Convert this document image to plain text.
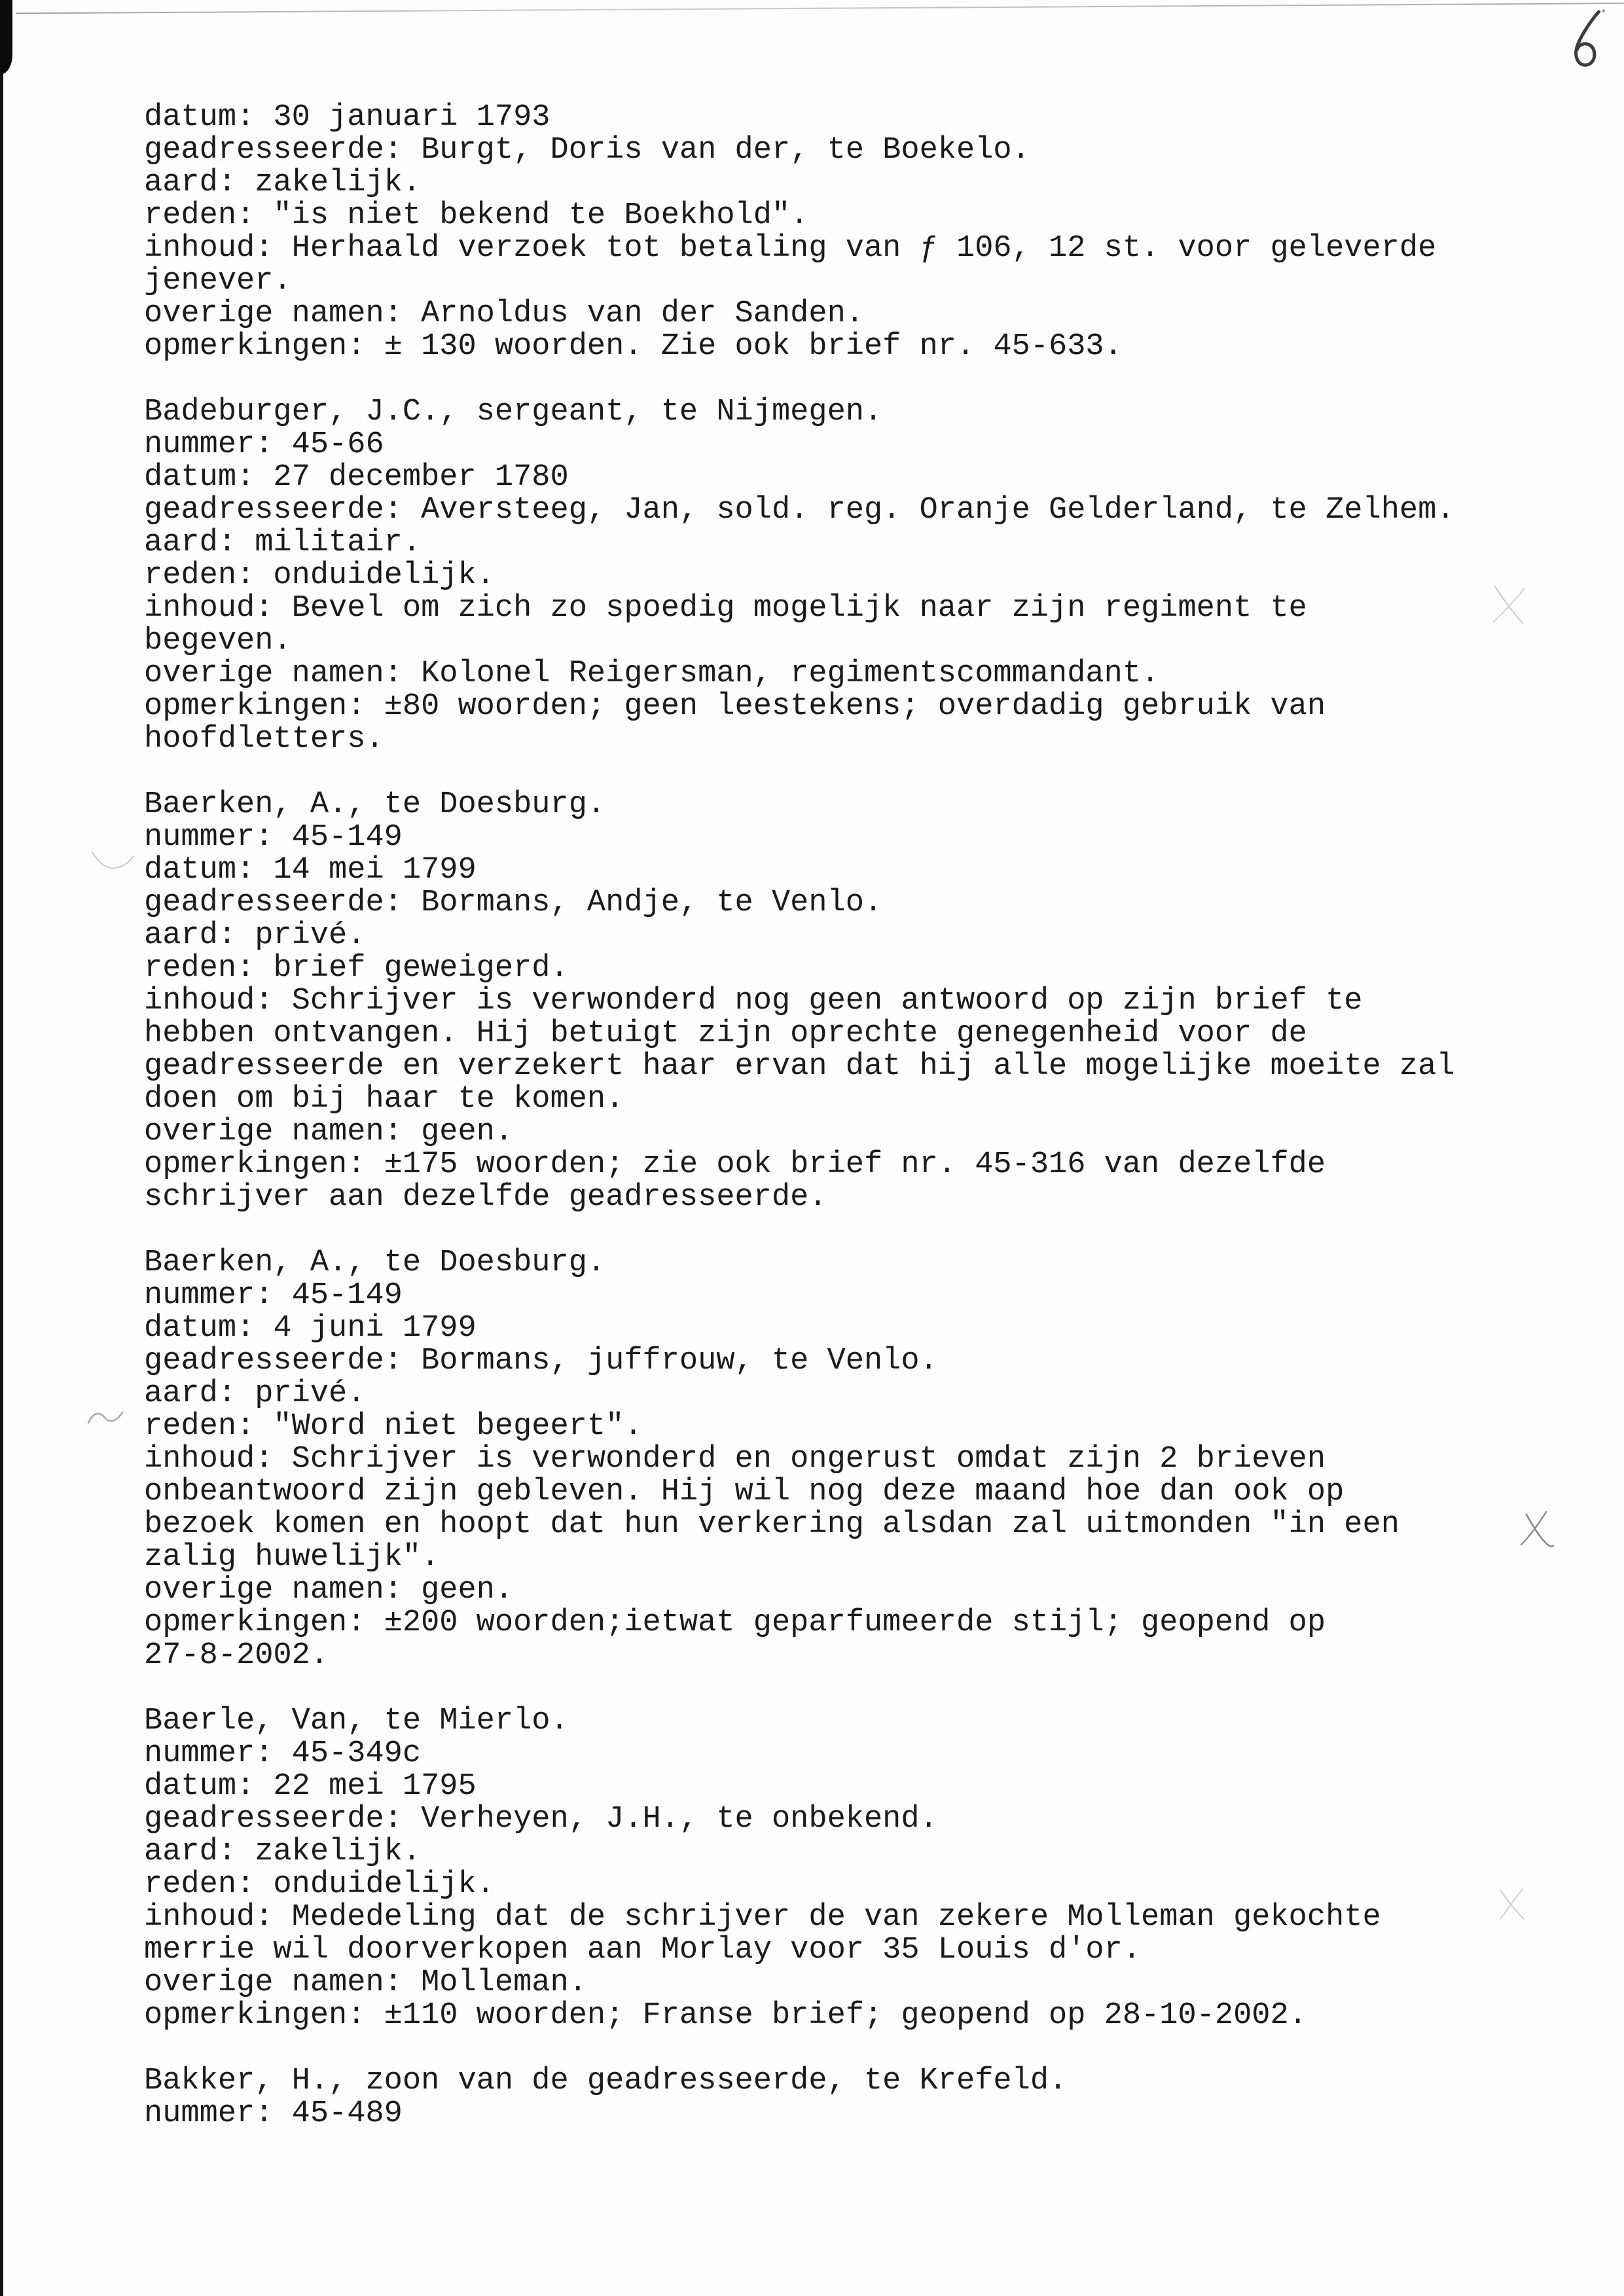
datum: 30 januari 1793
geadresseerde: Burgt, Doris van der, te Boekelo.
aard: zakelijk.
reden: "is niet bekend te Boekhold".
inhoud: Herhaald verzoek tot betaling van ƒ 106, 12 st. voor geleverde
jenever.
overige namen: Arnoldus van der Sanden.
opmerkingen: ± 130 woorden. Zie ook brief nr. 45-633.
Badeburger, J.C., sergeant, te Nijmegen.
nummer: 45-66
datum: 27 december 1780
geadresseerde: Aversteeg, Jan, sold. reg. Oranje Gelderland, te Zelhem.
aard: militair.
reden: onduidelijk.
inhoud: Bevel om zich zo spoedig mogelijk naar zijn regiment te
begeven.
overige namen: Kolonel Reigersman, regimentscommandant.
opmerkingen: ±80 woorden; geen leestekens; overdadig gebruik van
hoofdletters.
Baerken, A., te Doesburg.
nummer: 45-149
datum: 14 mei 1799
geadresseerde: Bormans, Andje, te Venlo.
aard: privé.
reden: brief geweigerd.
inhoud: Schrijver is verwonderd nog geen antwoord op zijn brief te
hebben ontvangen. Hij betuigt zijn oprechte genegenheid voor de
geadresseerde en verzekert haar ervan dat hij alle mogelijke moeite zal
doen om bij haar te komen.
overige namen: geen.
opmerkingen: ±175 woorden; zie ook brief nr. 45-316 van dezelfde
schrijver aan dezelfde geadresseerde.
Baerken, A., te Doesburg.
nummer: 45-149
datum: 4 juni 1799
geadresseerde: Bormans, juffrouw, te Venlo.
aard: privé.
reden: "Word niet begeert".
inhoud: Schrijver is verwonderd en ongerust omdat zijn 2 brieven
onbeantwoord zijn gebleven. Hij wil nog deze maand hoe dan ook op
bezoek komen en hoopt dat hun verkering alsdan zal uitmonden "in een
zalig huwelijk".
overige namen: geen.
opmerkingen: ±200 woorden;ietwat geparfumeerde stijl; geopend op
27-8-2002.
Baerle, Van, te Mierlo.
nummer: 45-349c
datum: 22 mei 1795
geadresseerde: Verheyen, J.H., te onbekend.
aard: zakelijk.
reden: onduidelijk.
inhoud: Mededeling dat de schrijver de van zekere Molleman gekochte
merrie wil doorverkopen aan Morlay voor 35 Louis d'or.
overige namen: Molleman.
opmerkingen: ±110 woorden; Franse brief; geopend op 28-10-2002.
Bakker, H., zoon van de geadresseerde, te Krefeld.
nummer: 45-489
